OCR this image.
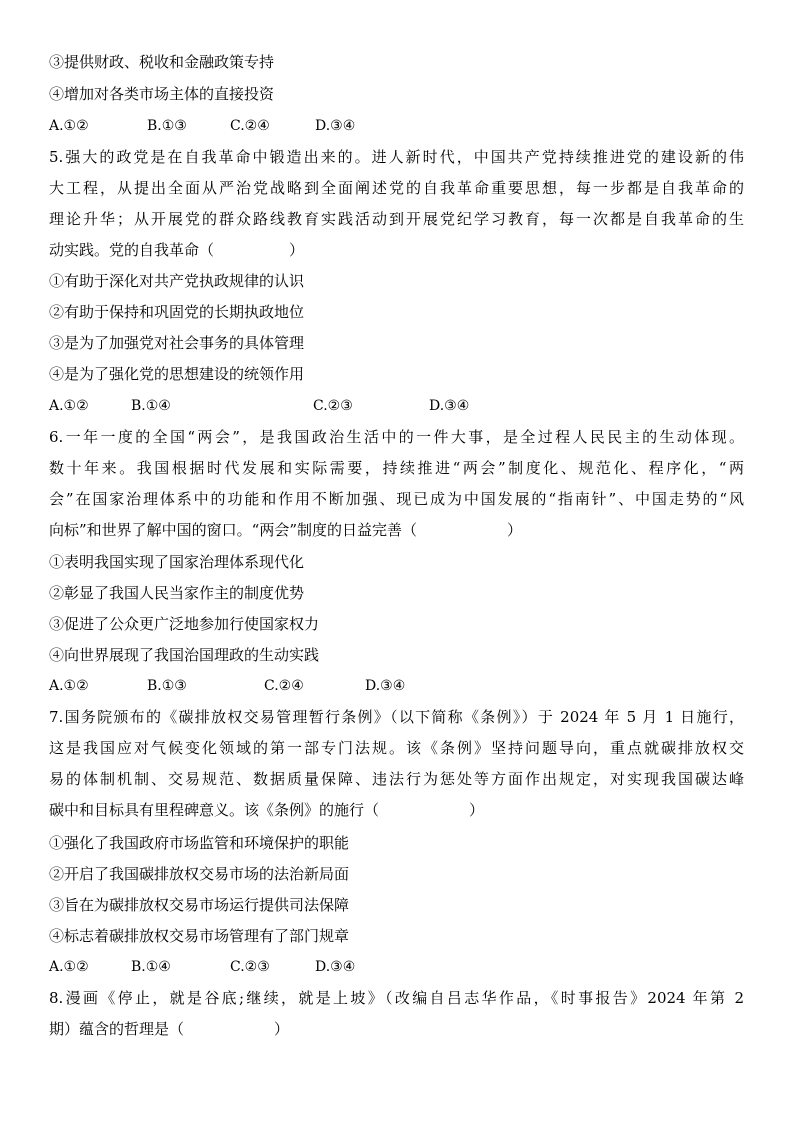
③提供财政、税收和金融政策专持
④增加对各类市场主体的直接投资
A.①②	B.①③	C.②④	D.③④
5.强大的政党是在自我革命中锻造出来的。进人新时代，中国共产党持续推进党的建设新的伟
大工程，从提出全面从严治党战略到全面阐述党的自我革命重要思想，每一步都是自我革命的
理论升华；从开展党的群众路线教育实践活动到开展党纪学习教育，每一次都是自我革命的生
动实践。党的自我革命（　　　　　）
①有助于深化对共产党执政规律的认识
②有助于保持和巩固党的长期执政地位
③是为了加强党对社会事务的具体管理
④是为了强化党的思想建设的统领作用
A.①②	B.①④	C.②③	D.③④
6.一年一度的全国“两会”，是我国政治生活中的一件大事，是全过程人民民主的生动体现。
数十年来。我国根据时代发展和实际需要，持续推进“两会”制度化、规范化、程序化，“两
会”在国家治理体系中的功能和作用不断加强、现已成为中国发展的“指南针”、中国走势的“风
向标”和世界了解中国的窗口。“两会”制度的日益完善（　　　　　　）
①表明我国实现了国家治理体系现代化
②彰显了我国人民当家作主的制度优势
③促进了公众更广泛地参加行使国家权力
④向世界展现了我国治国理政的生动实践
A.①②	B.①③	C.②④	D.③④
7.国务院颁布的《碳排放权交易管理暂行条例》（以下简称《条例》）于 2024 年 5 月 1 日施行，
这是我国应对气候变化领域的第一部专门法规。该《条例》坚持问题导向，重点就碳排放权交
易的体制机制、交易规范、数据质量保障、违法行为惩处等方面作出规定，对实现我国碳达峰
碳中和目标具有里程碑意义。该《条例》的施行（　　　　　　）
①强化了我国政府市场监管和环境保护的职能
②开启了我国碳排放权交易市场的法治新局面
③旨在为碳排放权交易市场运行提供司法保障
④标志着碳排放权交易市场管理有了部门规章
A.①②	B.①④	C.②③	D.③④
8.漫画《停止，就是谷底;继续，就是上坡》（改编自吕志华作品，《时事报告》2024 年第 2
期）蕴含的哲理是（　　　　　　）
